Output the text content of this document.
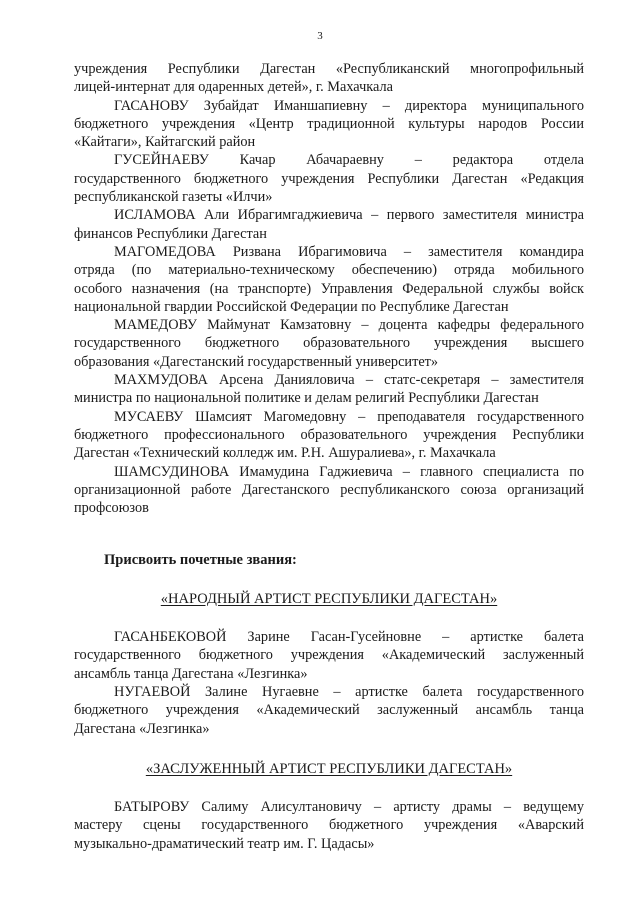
3
учреждения Республики Дагестан «Республиканский многопрофильный
лицей-интернат для одаренных детей», г. Махачкала
ГАСАНОВУ Зубайдат Иманшапиевну – директора муниципального
бюджетного учреждения «Центр традиционной культуры народов России
«Кайтаги», Кайтагский район
ГУСЕЙНАЕВУ Качар Абачараевну – редактора отдела
государственного бюджетного учреждения Республики Дагестан «Редакция
республиканской газеты «Илчи»
ИСЛАМОВА Али Ибрагимгаджиевича – первого заместителя министра
финансов Республики Дагестан
МАГОМЕДОВА Ризвана Ибрагимовича – заместителя командира
отряда (по материально-техническому обеспечению) отряда мобильного
особого назначения (на транспорте) Управления Федеральной службы войск
национальной гвардии Российской Федерации по Республике Дагестан
МАМЕДОВУ Маймунат Камзатовну – доцента кафедры федерального
государственного бюджетного образовательного учреждения высшего
образования «Дагестанский государственный университет»
МАХМУДОВА Арсена Данияловича – статс-секретаря – заместителя
министра по национальной политике и делам религий Республики Дагестан
МУСАЕВУ Шамсият Магомедовну – преподавателя государственного
бюджетного профессионального образовательного учреждения Республики
Дагестан «Технический колледж им. Р.Н. Ашуралиева», г. Махачкала
ШАМСУДИНОВА Имамудина Гаджиевича – главного специалиста по
организационной работе Дагестанского республиканского союза организаций
профсоюзов
Присвоить почетные звания:
«НАРОДНЫЙ АРТИСТ РЕСПУБЛИКИ ДАГЕСТАН»
ГАСАНБЕКОВОЙ Зарине Гасан-Гусейновне – артистке балета
государственного бюджетного учреждения «Академический заслуженный
ансамбль танца Дагестана «Лезгинка»
НУГАЕВОЙ Залине Нугаевне – артистке балета государственного
бюджетного учреждения «Академический заслуженный ансамбль танца
Дагестана «Лезгинка»
«ЗАСЛУЖЕННЫЙ АРТИСТ РЕСПУБЛИКИ ДАГЕСТАН»
БАТЫРОВУ Салиму Алисултановичу – артисту драмы – ведущему
мастеру сцены государственного бюджетного учреждения «Аварский
музыкально-драматический театр им. Г. Цадасы»
